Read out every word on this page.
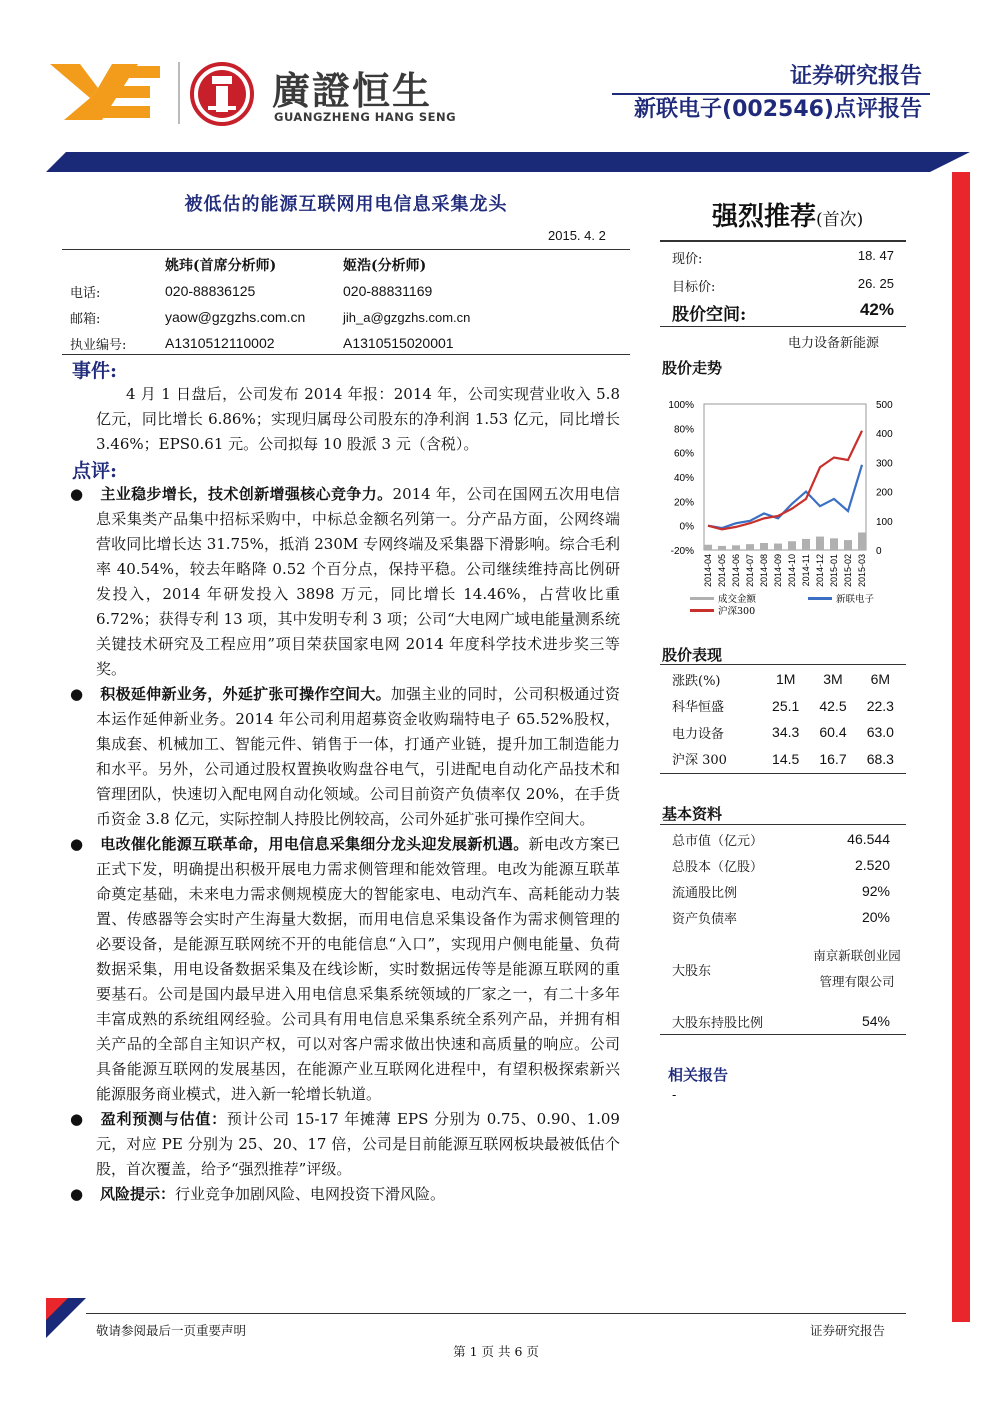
廣證恒生
GUANGZHENG HANG SENG
证券研究报告
新联电子(002546)点评报告
被低估的能源互联网用电信息采集龙头
2015. 4. 2
	姚玮(首席分析师)	姬浩(分析师)
电话:	020-88836125	020-88831169
邮箱:	yaow@gzgzhs.com.cn	jih_a@gzgzhs.com.cn
执业编号:	A1310512110002	A1310515020001
事件:

4 月 1 日盘后，公司发布 2014 年报：2014 年，公司实现营业收入 5.8 亿元，同比增长 6.86%；实现归属母公司股东的净利润 1.53 亿元，同比增长 3.46%；EPS0.61 元。公司拟每 10 股派 3 元（含税）。

点评:

● 主业稳步增长，技术创新增强核心竞争力。2014 年，公司在国网五次用电信息采集类产品集中招标采购中，中标总金额名列第一。分产品方面，公网终端营收同比增长达 31.75%，抵消 230M 专网终端及采集器下滑影响。综合毛利率 40.54%，较去年略降 0.52 个百分点，保持平稳。公司继续维持高比例研发投入，2014 年研发投入 3898 万元，同比增长 14.46%，占营收比重 6.72%；获得专利 13 项，其中发明专利 3 项；公司“大电网广域电能量测系统关键技术研究及工程应用”项目荣获国家电网 2014 年度科学技术进步奖三等奖。

● 积极延伸新业务，外延扩张可操作空间大。加强主业的同时，公司积极通过资本运作延伸新业务。2014 年公司利用超募资金收购瑞特电子 65.52%股权，集成套、机械加工、智能元件、销售于一体，打通产业链，提升加工制造能力和水平。另外，公司通过股权置换收购盘谷电气，引进配电自动化产品技术和管理团队，快速切入配电网自动化领域。公司目前资产负债率仅 20%，在手货币资金 3.8 亿元，实际控制人持股比例较高，公司外延扩张可操作空间大。

● 电改催化能源互联革命，用电信息采集细分龙头迎发展新机遇。新电改方案已正式下发，明确提出积极开展电力需求侧管理和能效管理。电改为能源互联革命奠定基础，未来电力需求侧规模庞大的智能家电、电动汽车、高耗能动力装置、传感器等会实时产生海量大数据，而用电信息采集设备作为需求侧管理的必要设备，是能源互联网统不开的电能信息“入口”，实现用户侧电能量、负荷数据采集，用电设备数据采集及在线诊断，实时数据远传等是能源互联网的重要基石。公司是国内最早进入用电信息采集系统领域的厂家之一，有二十多年丰富成熟的系统组网经验。公司具有用电信息采集系统全系列产品，并拥有相关产品的全部自主知识产权，可以对客户需求做出快速和高质量的响应。公司具备能源互联网的发展基因，在能源产业互联网化进程中，有望积极探索新兴能源服务商业模式，进入新一轮增长轨道。

● 盈利预测与估值：预计公司 15-17 年摊薄 EPS 分别为 0.75、0.90、1.09 元，对应 PE 分别为 25、20、17 倍，公司是目前能源互联网板块最被低估个股，首次覆盖，给予“强烈推荐”评级。

● 风险提示：行业竞争加剧风险、电网投资下滑风险。

强烈推荐(首次)
现价:	18. 47
目标价:	26. 25
股价空间:	42%
电力设备新能源
股价走势
100%
80%
60%
40%
20%
0%
-20%
500
400
300
200
100
0
2014-04 2014-05 2014-06 2014-07 2014-08 2014-09 2014-10 2014-11 2014-12 2015-01 2015-02 2015-03
成交金额
沪深300
新联电子
股价表现
涨跌(%)	1M	3M	6M
科华恒盛	25.1	42.5	22.3
电力设备	34.3	60.4	63.0
沪深 300	14.5	16.7	68.3
基本资料
总市值（亿元）	46.544
总股本（亿股）	2.520
流通股比例	92%
资产负债率	20%
大股东	南京新联创业园管理有限公司
大股东持股比例	54%
相关报告
-
敬请参阅最后一页重要声明	证券研究报告
第 1 页 共 6 页
